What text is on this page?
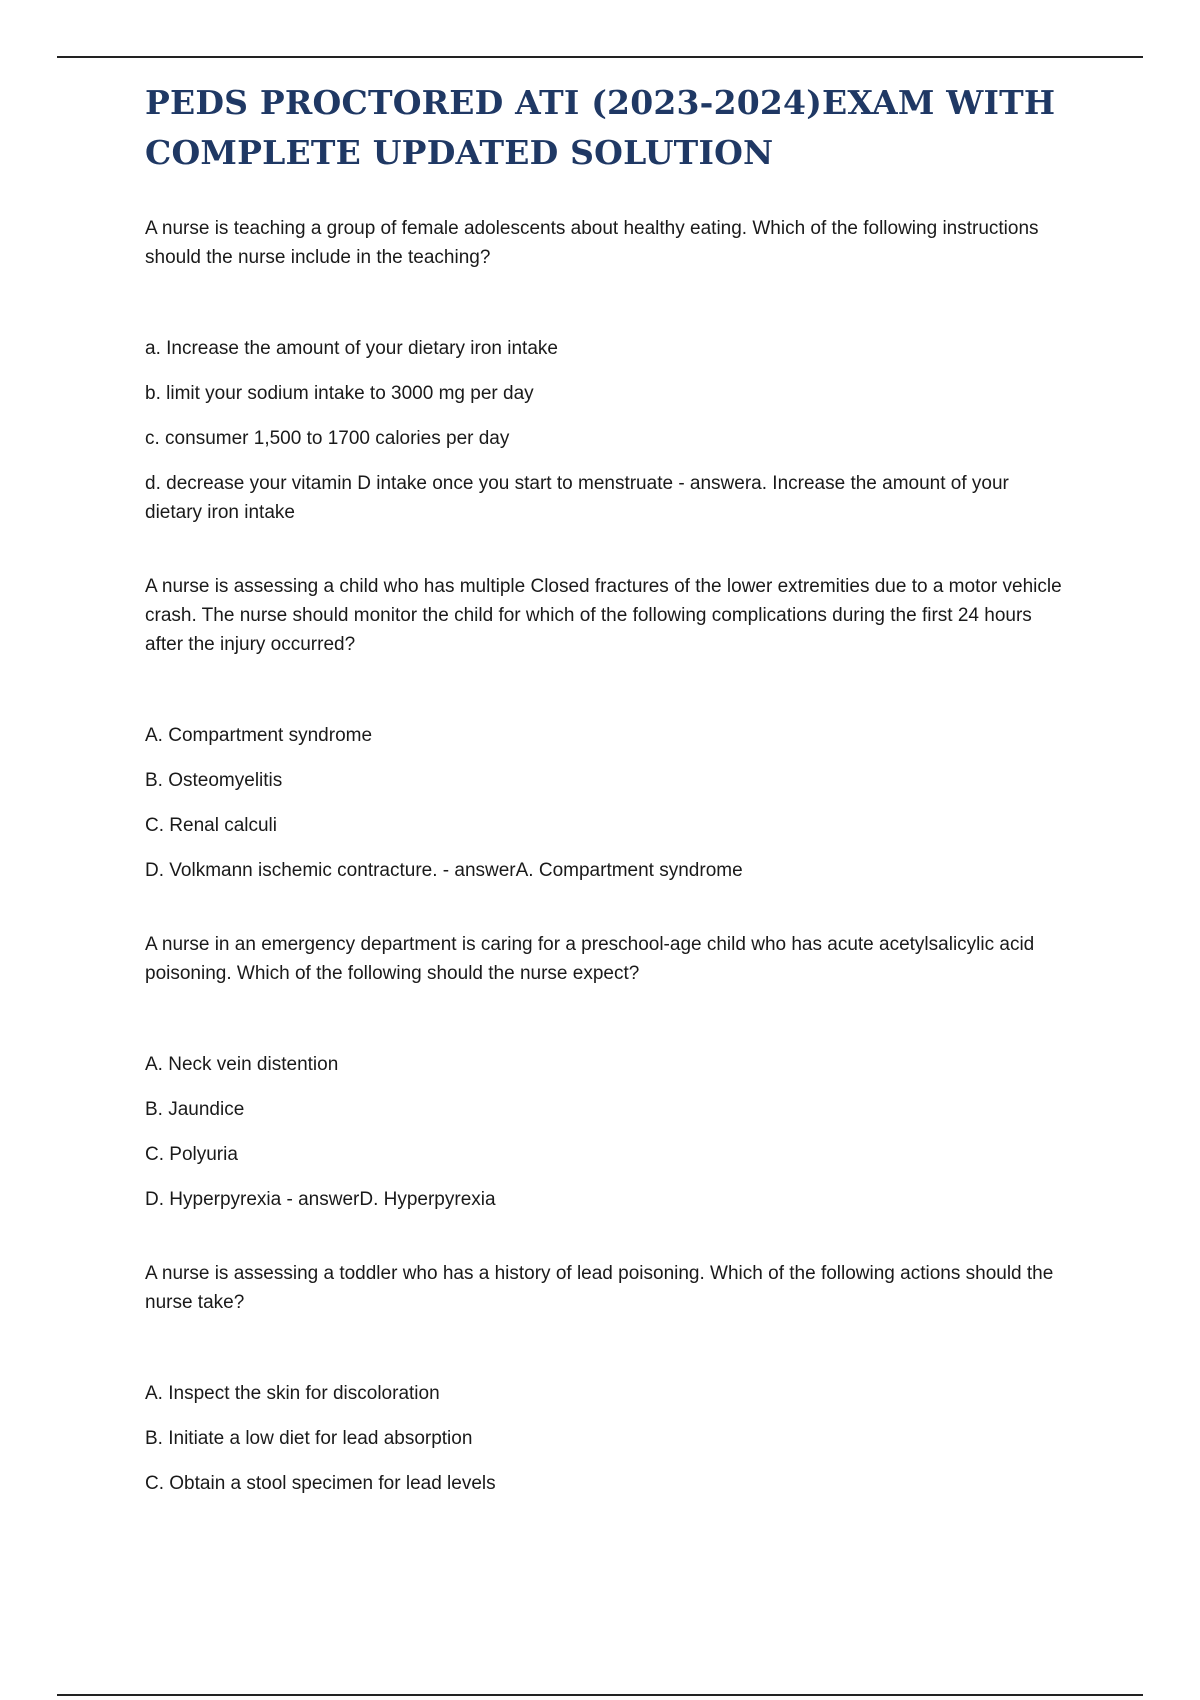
PEDS PROCTORED ATI (2023-2024)EXAM WITH COMPLETE UPDATED SOLUTION

A nurse is teaching a group of female adolescents about healthy eating. Which of the following instructions should the nurse include in the teaching?

a. Increase the amount of your dietary iron intake
b. limit your sodium intake to 3000 mg per day
c. consumer 1,500 to 1700 calories per day
d. decrease your vitamin D intake once you start to menstruate - answera. Increase the amount of your dietary iron intake

A nurse is assessing a child who has multiple Closed fractures of the lower extremities due to a motor vehicle crash. The nurse should monitor the child for which of the following complications during the first 24 hours after the injury occurred?

A. Compartment syndrome
B. Osteomyelitis
C. Renal calculi
D. Volkmann ischemic contracture. - answerA. Compartment syndrome

A nurse in an emergency department is caring for a preschool-age child who has acute acetylsalicylic acid poisoning. Which of the following should the nurse expect?

A. Neck vein distention
B. Jaundice
C. Polyuria
D. Hyperpyrexia - answerD. Hyperpyrexia

A nurse is assessing a toddler who has a history of lead poisoning. Which of the following actions should the nurse take?

A. Inspect the skin for discoloration
B. Initiate a low diet for lead absorption
C. Obtain a stool specimen for lead levels
